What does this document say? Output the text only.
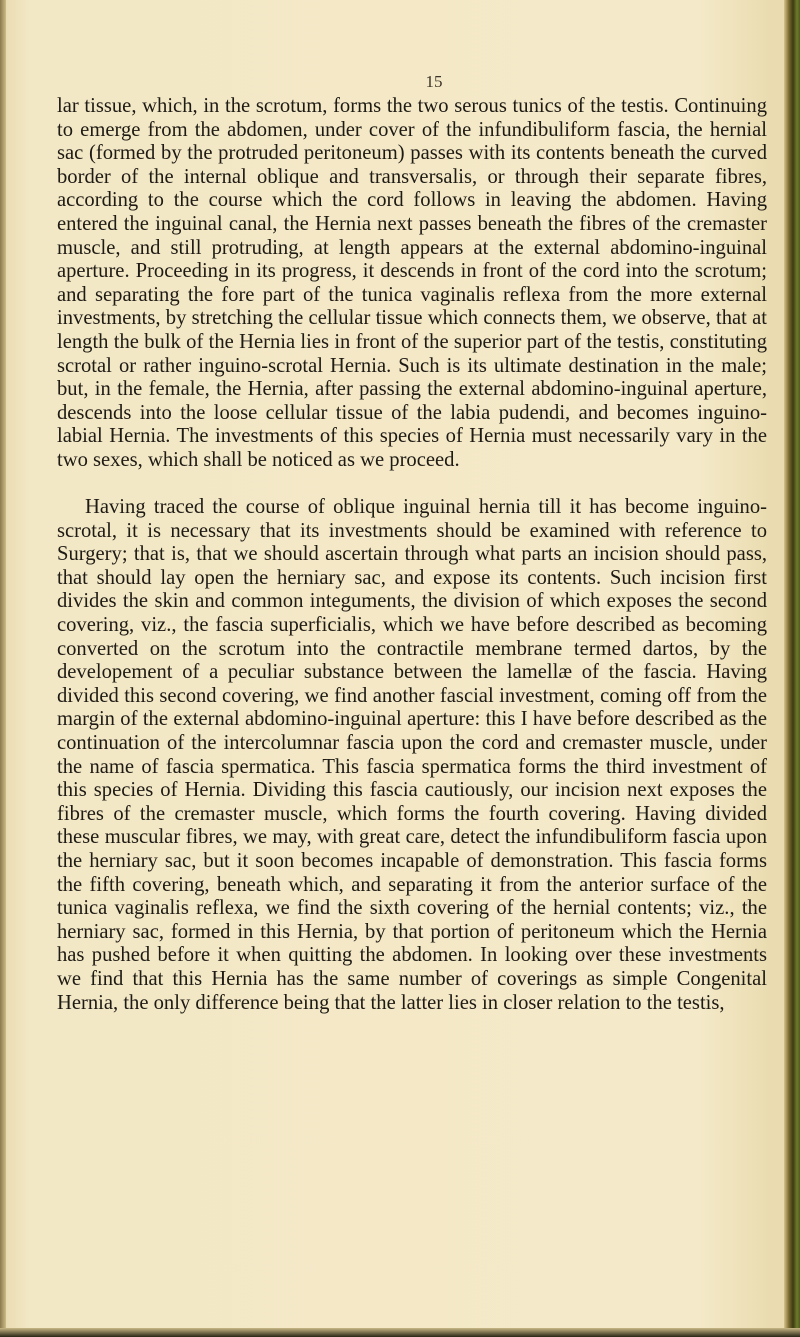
15

lar tissue, which, in the scrotum, forms the two serous tunics of the testis. Continuing to emerge from the abdomen, under cover of the infundibuliform fascia, the hernial sac (formed by the protruded peritoneum) passes with its contents beneath the curved border of the internal oblique and transversalis, or through their separate fibres, according to the course which the cord follows in leaving the abdomen. Having entered the inguinal canal, the Hernia next passes beneath the fibres of the cremaster muscle, and still protruding, at length appears at the external abdomino-inguinal aperture. Proceeding in its progress, it descends in front of the cord into the scrotum; and separating the fore part of the tunica vaginalis reflexa from the more external investments, by stretching the cellular tissue which connects them, we observe, that at length the bulk of the Hernia lies in front of the superior part of the testis, constituting scrotal or rather inguino-scrotal Hernia. Such is its ultimate destination in the male; but, in the female, the Hernia, after passing the external abdomino-inguinal aperture, descends into the loose cellular tissue of the labia pudendi, and becomes inguino-labial Hernia. The investments of this species of Hernia must necessarily vary in the two sexes, which shall be noticed as we proceed.

Having traced the course of oblique inguinal hernia till it has become inguino-scrotal, it is necessary that its investments should be examined with reference to Surgery; that is, that we should ascertain through what parts an incision should pass, that should lay open the herniary sac, and expose its contents. Such incision first divides the skin and common integuments, the division of which exposes the second covering, viz., the fascia superficialis, which we have before described as becoming converted on the scrotum into the contractile membrane termed dartos, by the developement of a peculiar substance between the lamellæ of the fascia. Having divided this second covering, we find another fascial investment, coming off from the margin of the external abdomino-inguinal aperture: this I have before described as the continuation of the intercolumnar fascia upon the cord and cremaster muscle, under the name of fascia spermatica. This fascia spermatica forms the third investment of this species of Hernia. Dividing this fascia cautiously, our incision next exposes the fibres of the cremaster muscle, which forms the fourth covering. Having divided these muscular fibres, we may, with great care, detect the infundibuliform fascia upon the herniary sac, but it soon becomes incapable of demonstration. This fascia forms the fifth covering, beneath which, and separating it from the anterior surface of the tunica vaginalis reflexa, we find the sixth covering of the hernial contents; viz., the herniary sac, formed in this Hernia, by that portion of peritoneum which the Hernia has pushed before it when quitting the abdomen. In looking over these investments we find that this Hernia has the same number of coverings as simple Congenital Hernia, the only difference being that the latter lies in closer relation to the testis,
